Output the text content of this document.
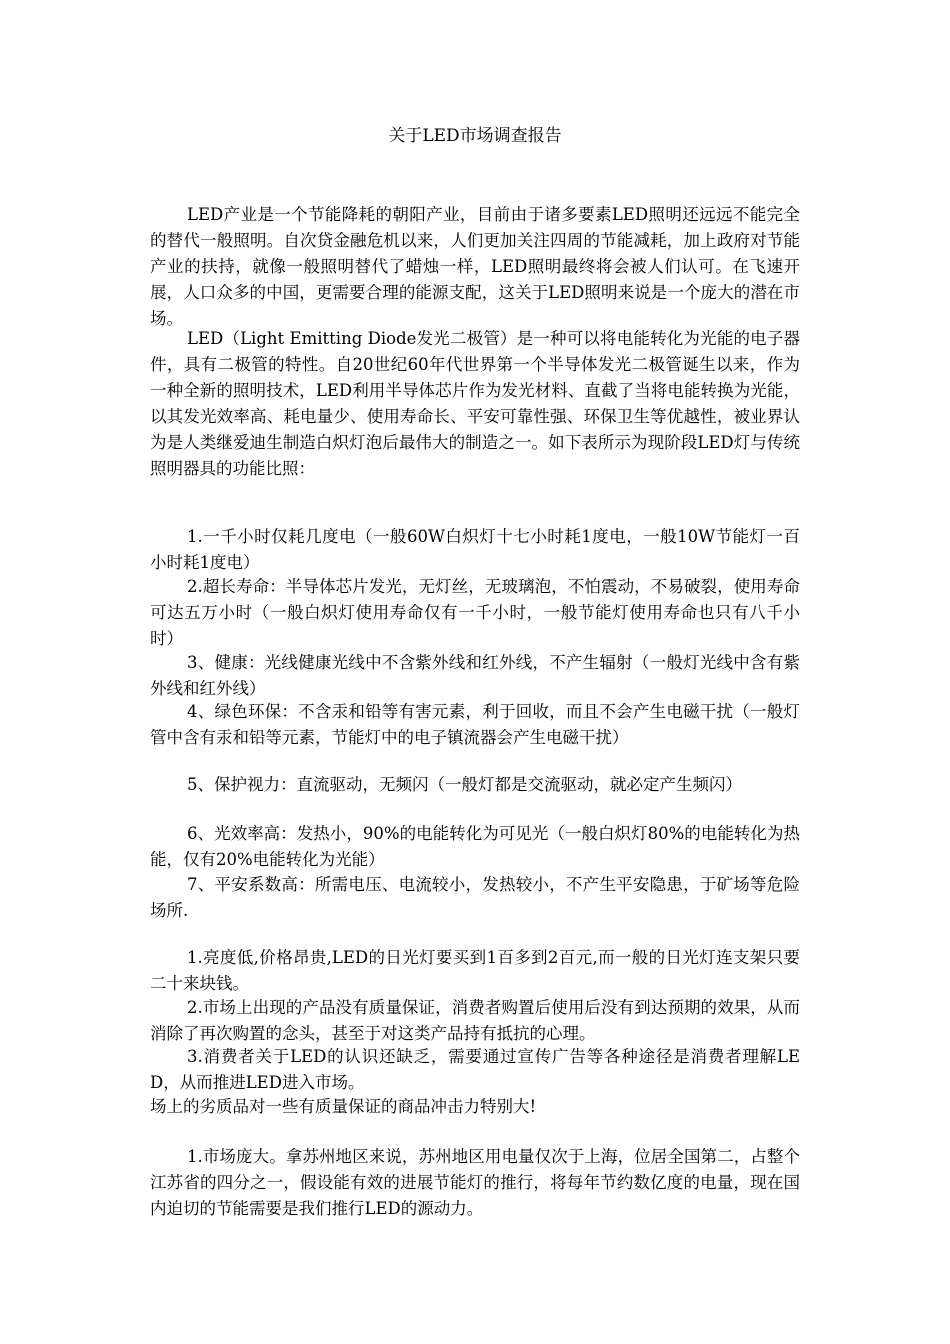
关于LED市场调查报告

LED产业是一个节能降耗的朝阳产业，目前由于诸多要素LED照明还远远不能完全的替代一般照明。自次贷金融危机以来，人们更加关注四周的节能减耗，加上政府对节能产业的扶持，就像一般照明替代了蜡烛一样，LED照明最终将会被人们认可。在飞速开展，人口众多的中国，更需要合理的能源支配，这关于LED照明来说是一个庞大的潜在市场。

LED（Light Emitting Diode发光二极管）是一种可以将电能转化为光能的电子器件，具有二极管的特性。自20世纪60年代世界第一个半导体发光二极管诞生以来，作为一种全新的照明技术，LED利用半导体芯片作为发光材料、直截了当将电能转换为光能，以其发光效率高、耗电量少、使用寿命长、平安可靠性强、环保卫生等优越性，被业界认为是人类继爱迪生制造白炽灯泡后最伟大的制造之一。如下表所示为现阶段LED灯与传统照明器具的功能比照：

1.一千小时仅耗几度电（一般60W白炽灯十七小时耗1度电，一般10W节能灯一百小时耗1度电）

2.超长寿命：半导体芯片发光，无灯丝，无玻璃泡，不怕震动，不易破裂，使用寿命可达五万小时（一般白炽灯使用寿命仅有一千小时，一般节能灯使用寿命也只有八千小时）

3、健康：光线健康光线中不含紫外线和红外线，不产生辐射（一般灯光线中含有紫外线和红外线）

4、绿色环保：不含汞和铅等有害元素，利于回收，而且不会产生电磁干扰（一般灯管中含有汞和铅等元素，节能灯中的电子镇流器会产生电磁干扰）

5、保护视力：直流驱动，无频闪（一般灯都是交流驱动，就必定产生频闪）

6、光效率高：发热小，90%的电能转化为可见光（一般白炽灯80%的电能转化为热能，仅有20%电能转化为光能）

7、平安系数高：所需电压、电流较小，发热较小，不产生平安隐患，于矿场等危险场所.

1.亮度低,价格昂贵,LED的日光灯要买到1百多到2百元,而一般的日光灯连支架只要二十来块钱。

2.市场上出现的产品没有质量保证，消费者购置后使用后没有到达预期的效果，从而消除了再次购置的念头，甚至于对这类产品持有抵抗的心理。

3.消费者关于LED的认识还缺乏，需要通过宣传广告等各种途径是消费者理解LED，从而推进LED进入市场。

场上的劣质品对一些有质量保证的商品冲击力特别大!

1.市场庞大。拿苏州地区来说，苏州地区用电量仅次于上海，位居全国第二，占整个江苏省的四分之一，假设能有效的进展节能灯的推行，将每年节约数亿度的电量，现在国内迫切的节能需要是我们推行LED的源动力。
